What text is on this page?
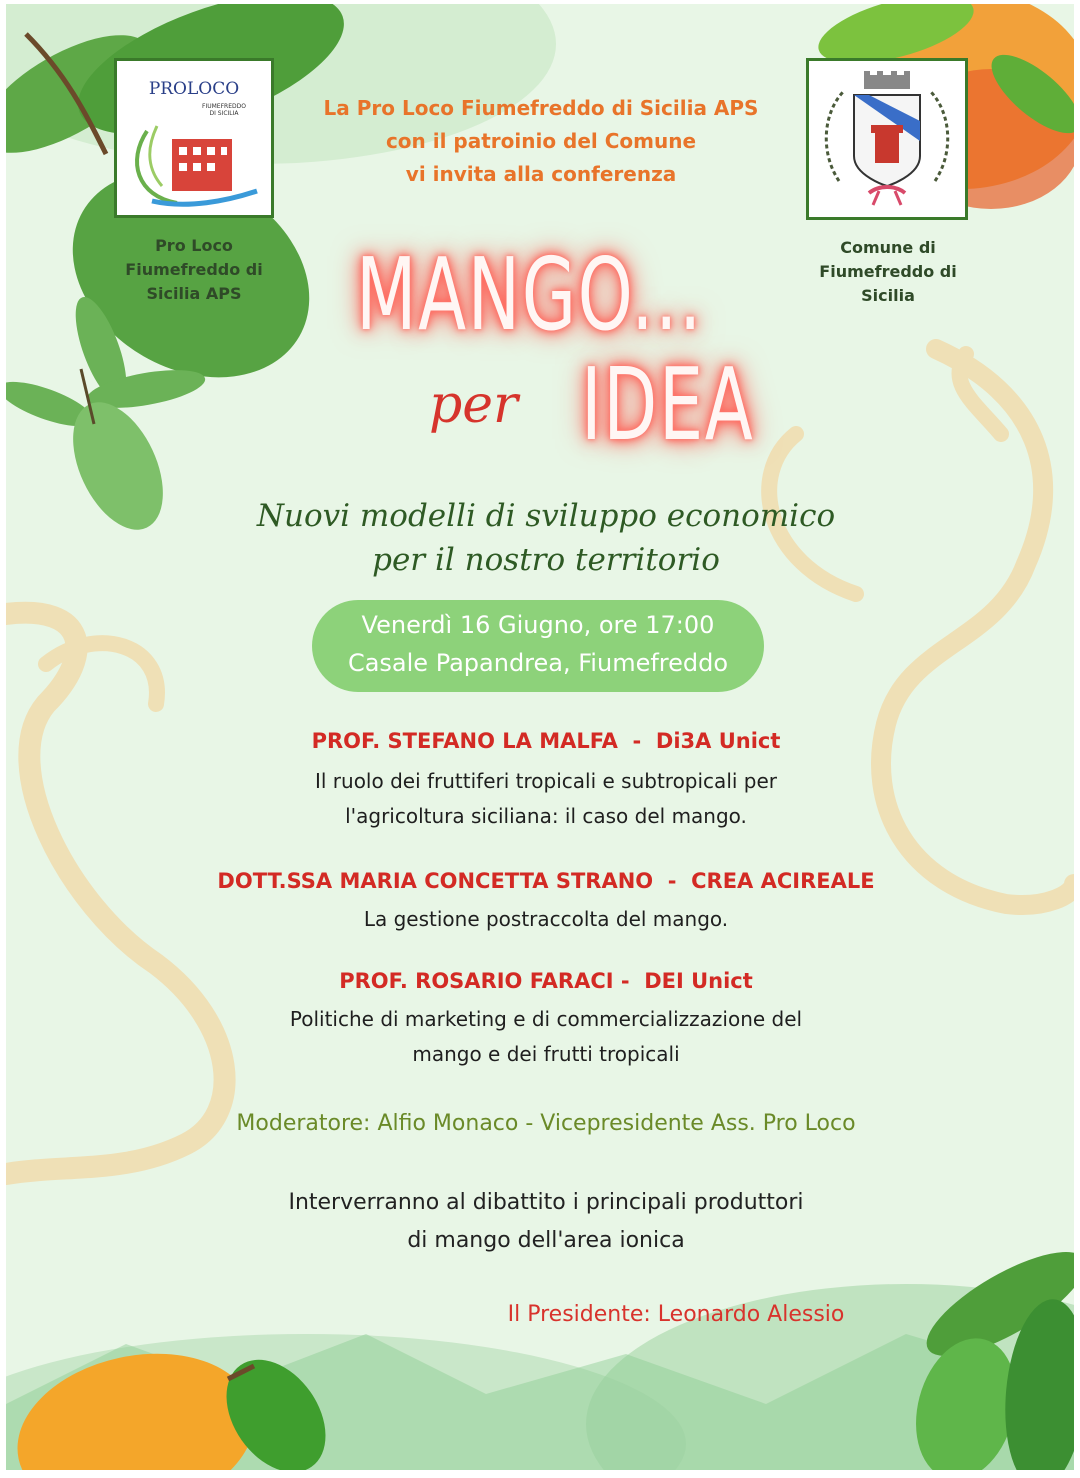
PROLOCO
FIUMEFREDDO
DI SICILIA
Pro Loco
Fiumefreddo di
Sicilia APS
Comune di
Fiumefreddo di
Sicilia
La Pro Loco Fiumefreddo di Sicilia APS
con il patroinio del Comune
vi invita alla conferenza
MANGO...
per IDEA
Nuovi modelli di sviluppo economico
per il nostro territorio
Venerdì 16 Giugno, ore 17:00
Casale Papandrea, Fiumefreddo
PROF. STEFANO LA MALFA  -  Di3A Unict
Il ruolo dei fruttiferi tropicali e subtropicali per
l'agricoltura siciliana: il caso del mango.
DOTT.SSA MARIA CONCETTA STRANO  -  CREA ACIREALE
La gestione postraccolta del mango.
PROF. ROSARIO FARACI -  DEI Unict
Politiche di marketing e di commercializzazione del
mango e dei frutti tropicali
Moderatore: Alfio Monaco - Vicepresidente Ass. Pro Loco
Interverranno al dibattito i principali produttori
di mango dell'area ionica
Il Presidente: Leonardo Alessio
